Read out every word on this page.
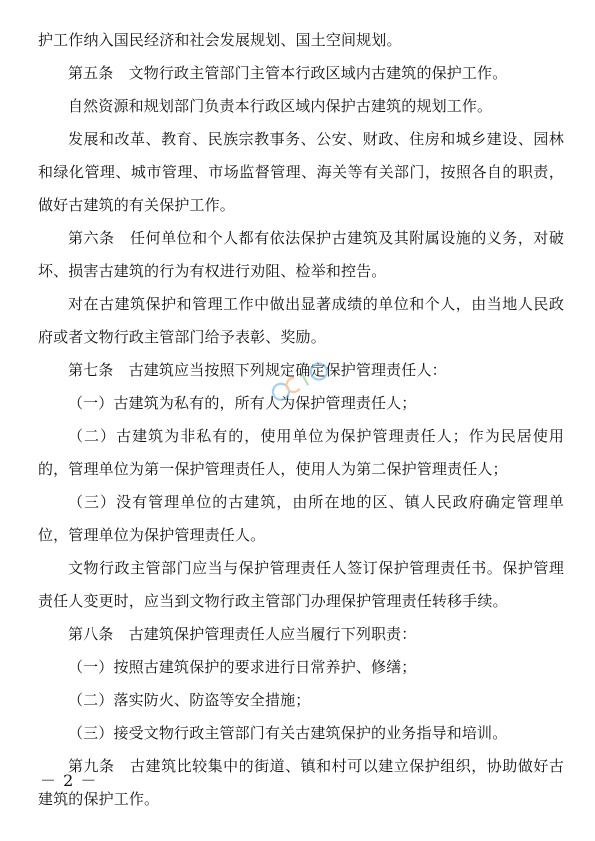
护工作纳入国民经济和社会发展规划、国土空间规划。

第五条　文物行政主管部门主管本行政区域内古建筑的保护工作。

自然资源和规划部门负责本行政区域内保护古建筑的规划工作。

发展和改革、教育、民族宗教事务、公安、财政、住房和城乡建设、园林和绿化管理、城市管理、市场监督管理、海关等有关部门，按照各自的职责，做好古建筑的有关保护工作。

第六条　任何单位和个人都有依法保护古建筑及其附属设施的义务，对破坏、损害古建筑的行为有权进行劝阻、检举和控告。

对在古建筑保护和管理工作中做出显著成绩的单位和个人，由当地人民政府或者文物行政主管部门给予表彰、奖励。

第七条　古建筑应当按照下列规定确定保护管理责任人：

（一）古建筑为私有的，所有人为保护管理责任人；

（二）古建筑为非私有的，使用单位为保护管理责任人；作为民居使用的，管理单位为第一保护管理责任人，使用人为第二保护管理责任人；

（三）没有管理单位的古建筑，由所在地的区、镇人民政府确定管理单位，管理单位为保护管理责任人。

文物行政主管部门应当与保护管理责任人签订保护管理责任书。保护管理责任人变更时，应当到文物行政主管部门办理保护管理责任转移手续。

第八条　古建筑保护管理责任人应当履行下列职责：

（一）按照古建筑保护的要求进行日常养护、修缮；

（二）落实防火、防盗等安全措施；

（三）接受文物行政主管部门有关古建筑保护的业务指导和培训。

第九条　古建筑比较集中的街道、镇和村可以建立保护组织，协助做好古建筑的保护工作。

－ 2 －
